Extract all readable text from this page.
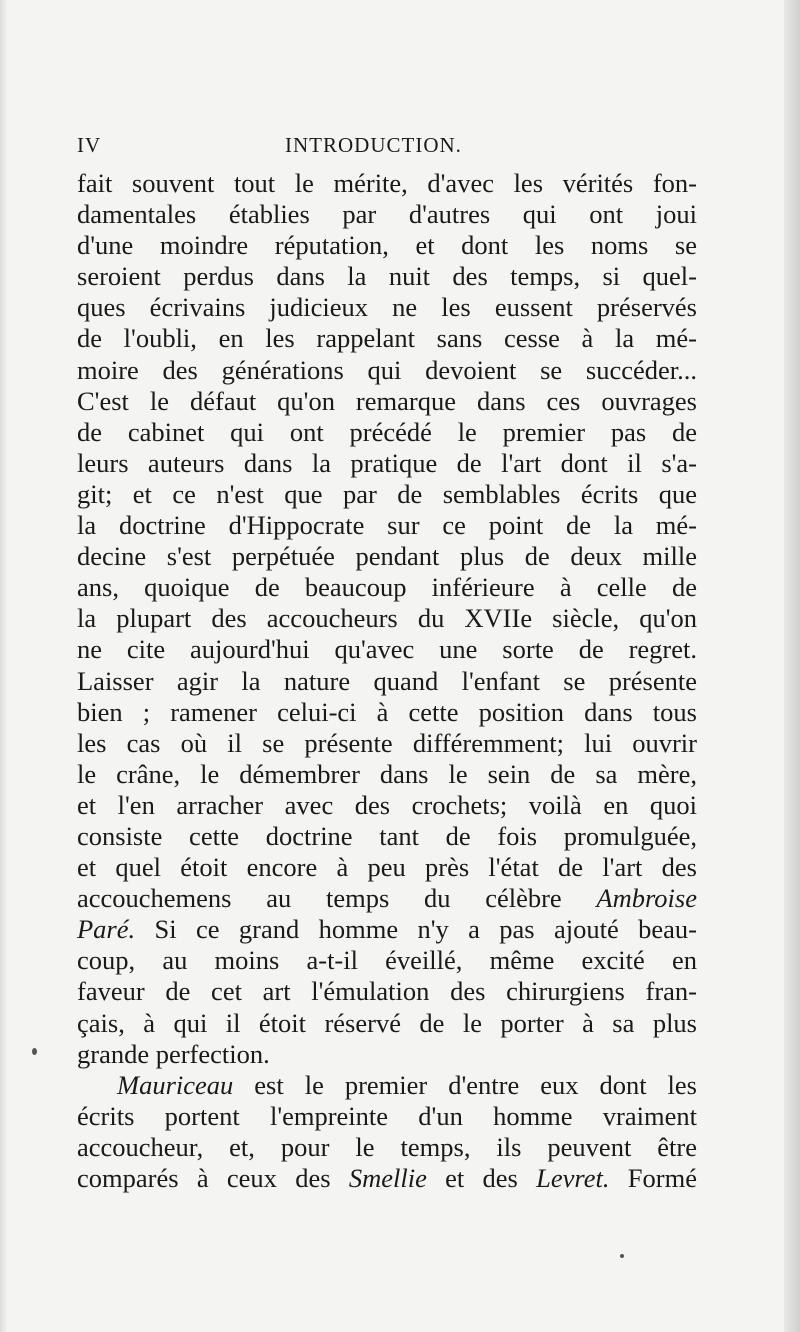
IV	INTRODUCTION.
fait souvent tout le mérite, d'avec les vérités fon-
damentales établies par d'autres qui ont joui
d'une moindre réputation, et dont les noms se
seroient perdus dans la nuit des temps, si quel-
ques écrivains judicieux ne les eussent préservés
de l'oubli, en les rappelant sans cesse à la mé-
moire des générations qui devoient se succéder...
C'est le défaut qu'on remarque dans ces ouvrages
de cabinet qui ont précédé le premier pas de
leurs auteurs dans la pratique de l'art dont il s'a-
git; et ce n'est que par de semblables écrits que
la doctrine d'Hippocrate sur ce point de la mé-
decine s'est perpétuée pendant plus de deux mille
ans, quoique de beaucoup inférieure à celle de
la plupart des accoucheurs du XVIIe siècle, qu'on
ne cite aujourd'hui qu'avec une sorte de regret.
Laisser agir la nature quand l'enfant se présente
bien ; ramener celui-ci à cette position dans tous
les cas où il se présente différemment; lui ouvrir
le crâne, le démembrer dans le sein de sa mère,
et l'en arracher avec des crochets; voilà en quoi
consiste cette doctrine tant de fois promulguée,
et quel étoit encore à peu près l'état de l'art des
accouchemens au temps du célèbre Ambroise
Paré. Si ce grand homme n'y a pas ajouté beau-
coup, au moins a-t-il éveillé, même excité en
faveur de cet art l'émulation des chirurgiens fran-
çais, à qui il étoit réservé de le porter à sa plus
grande perfection.
Mauriceau est le premier d'entre eux dont les
écrits portent l'empreinte d'un homme vraiment
accoucheur, et, pour le temps, ils peuvent être
comparés à ceux des Smellie et des Levret. Formé
